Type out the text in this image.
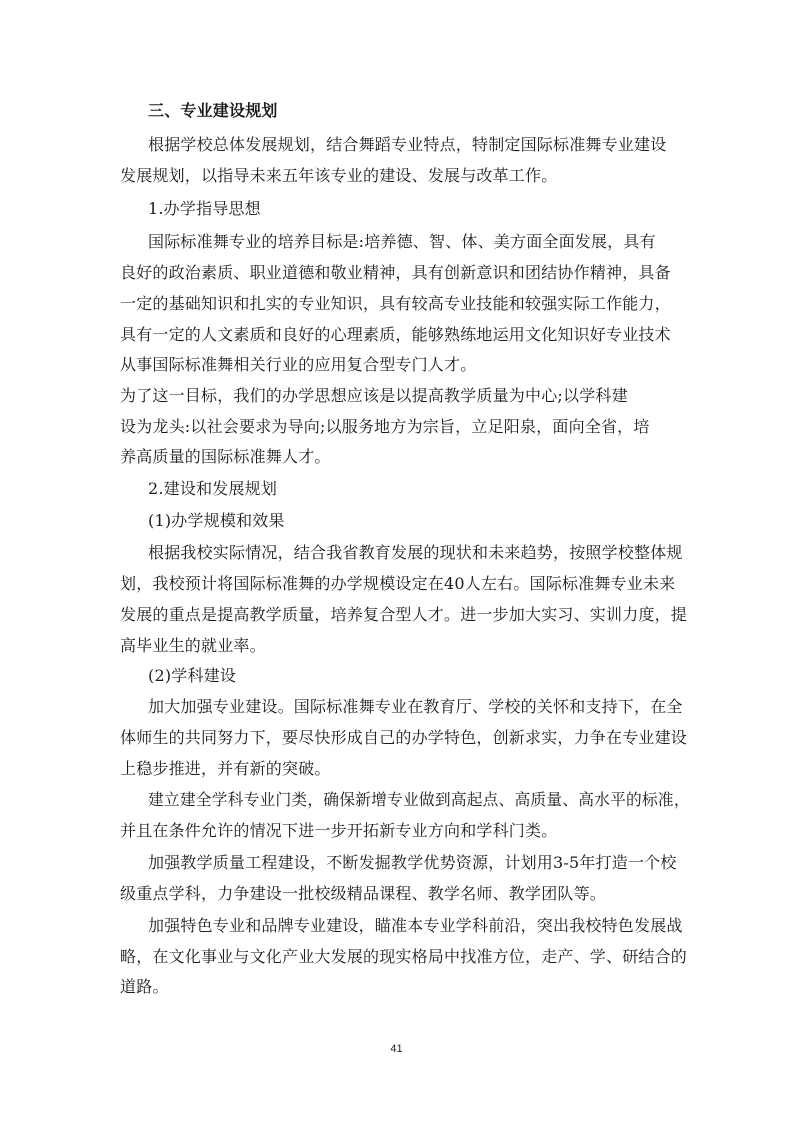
三、专业建设规划
根据学校总体发展规划，结合舞蹈专业特点，特制定国际标准舞专业建设
发展规划，以指导未来五年该专业的建设、发展与改革工作。
1.办学指导思想
国际标准舞专业的培养目标是:培养德、智、体、美方面全面发展，具有
良好的政治素质、职业道德和敬业精神，具有创新意识和团结协作精神，具备
一定的基础知识和扎实的专业知识，具有较高专业技能和较强实际工作能力，
具有一定的人文素质和良好的心理素质，能够熟练地运用文化知识好专业技术
从事国际标准舞相关行业的应用复合型专门人才。
为了这一目标，我们的办学思想应该是以提高教学质量为中心;以学科建
设为龙头:以社会要求为导向;以服务地方为宗旨，立足阳泉，面向全省，培
养高质量的国际标准舞人才。
2.建设和发展规划
(1)办学规模和效果
根据我校实际情况，结合我省教育发展的现状和未来趋势，按照学校整体规
划，我校预计将国际标准舞的办学规模设定在40人左右。国际标准舞专业未来
发展的重点是提高教学质量，培养复合型人才。进一步加大实习、实训力度，提
高毕业生的就业率。
(2)学科建设
加大加强专业建设。国际标准舞专业在教育厅、学校的关怀和支持下，在全
体师生的共同努力下，要尽快形成自己的办学特色，创新求实，力争在专业建设
上稳步推进，并有新的突破。
建立建全学科专业门类，确保新增专业做到高起点、高质量、高水平的标准，
并且在条件允许的情况下进一步开拓新专业方向和学科门类。
加强教学质量工程建设，不断发掘教学优势资源，计划用3-5年打造一个校
级重点学科，力争建设一批校级精品课程、教学名师、教学团队等。
加强特色专业和品牌专业建设，瞄准本专业学科前沿，突出我校特色发展战
略，在文化事业与文化产业大发展的现实格局中找准方位，走产、学、研结合的
道路。
41
